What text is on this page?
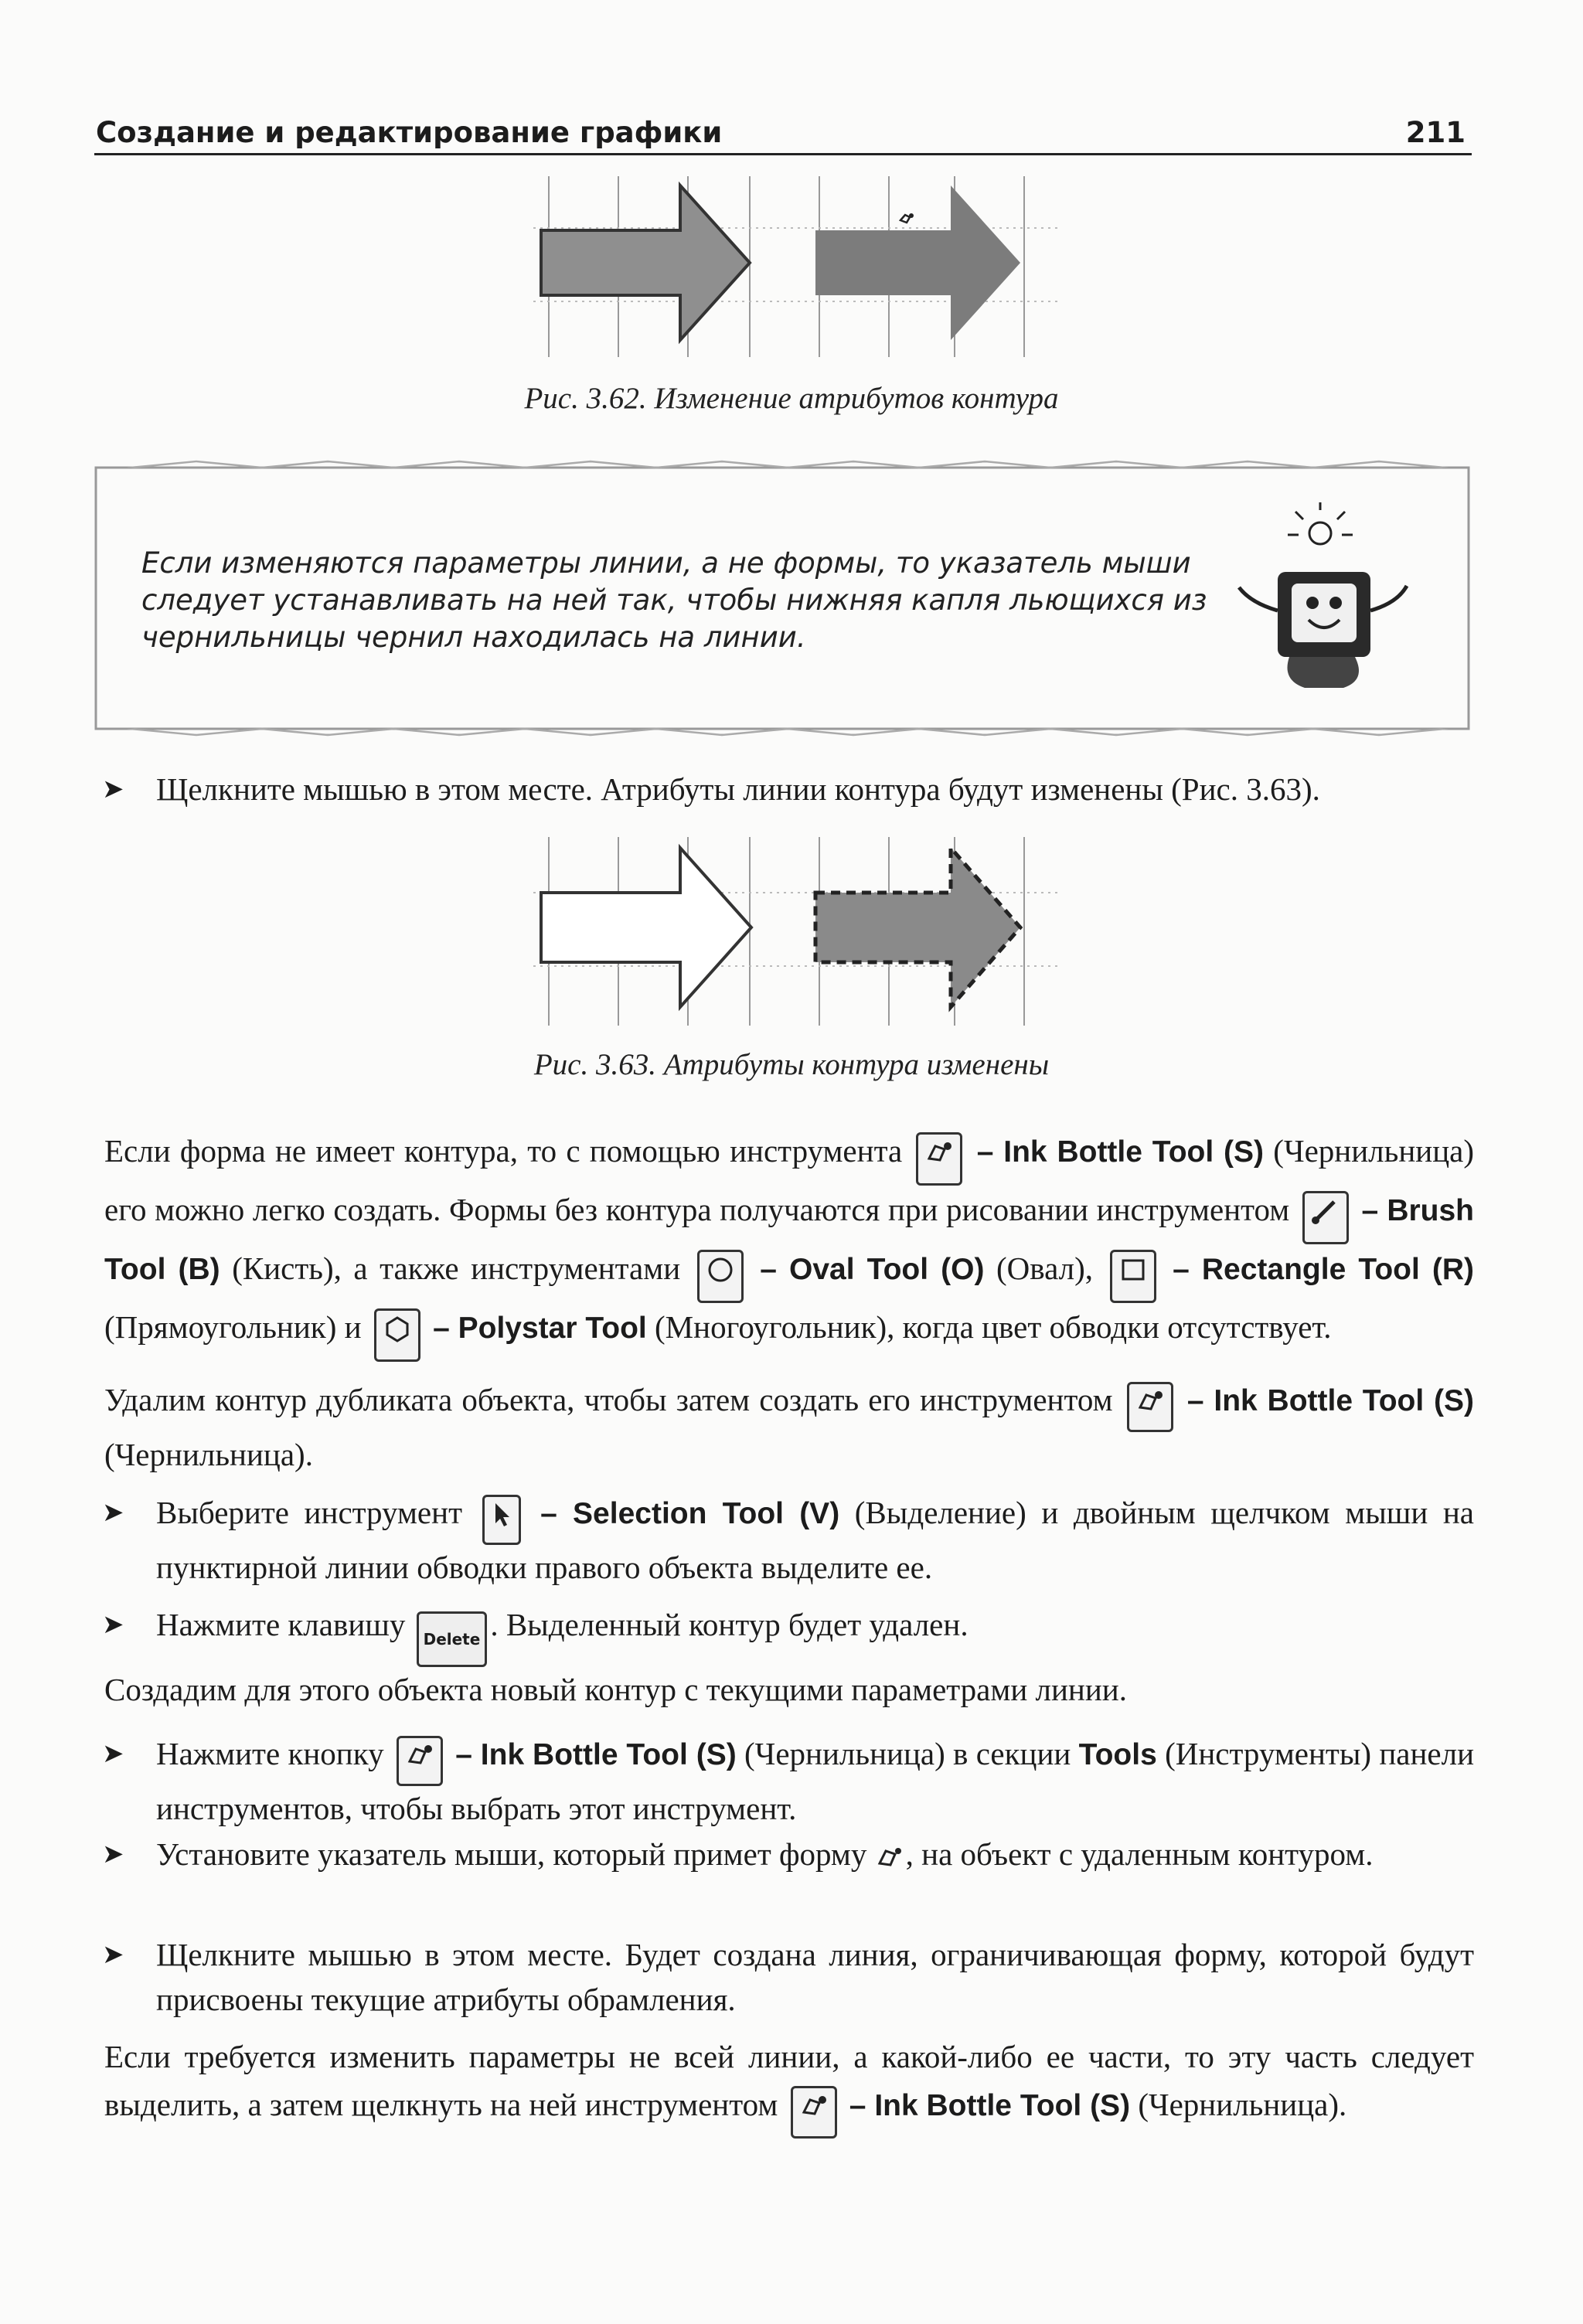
Создание и редактирование графики	211
Рис. 3.62. Изменение атрибутов контура
Если изменяются параметры линии, а не формы, то указатель мыши следует устанавливать на ней так, чтобы нижняя капля льющихся из чернильницы чернил находилась на линии.
➤ Щелкните мышью в этом месте. Атрибуты линии контура будут изменены (Рис. 3.63).
Рис. 3.63. Атрибуты контура изменены
Если форма не имеет контура, то с помощью инструмента – Ink Bottle Tool (S) (Чернильница) его можно легко создать. Формы без контура получаются при рисовании инструментом – Brush Tool (B) (Кисть), а также инструментами	– Oval Tool (O) (Овал),	– Rectangle Tool (R) (Прямоугольник) и – Polystar Tool (Многоугольник), когда цвет обводки отсутствует.
Удалим контур дубликата объекта, чтобы затем создать его инструментом – Ink Bottle Tool (S) (Чернильница).
➤ Выберите инструмент	– Selection Tool (V) (Выделение) и двойным щелчком мыши на пунктирной линии обводки правого объекта выделите ее.
➤ Нажмите клавишу Delete . Выделенный контур будет удален.
Создадим для этого объекта новый контур с текущими параметрами линии.
➤ Нажмите кнопку – Ink Bottle Tool (S) (Чернильница) в секции Tools (Инструменты) панели инструментов, чтобы выбрать этот инструмент.
➤ Установите указатель мыши, который примет форму , на объект с удаленным контуром.
➤ Щелкните мышью в этом месте. Будет создана линия, ограничивающая форму, которой будут присвоены текущие атрибуты обрамления.
Если требуется изменить параметры не всей линии, а какой-либо ее части, то эту часть следует выделить, а затем щелкнуть на ней инструментом – Ink Bottle Tool (S) (Чернильница).
